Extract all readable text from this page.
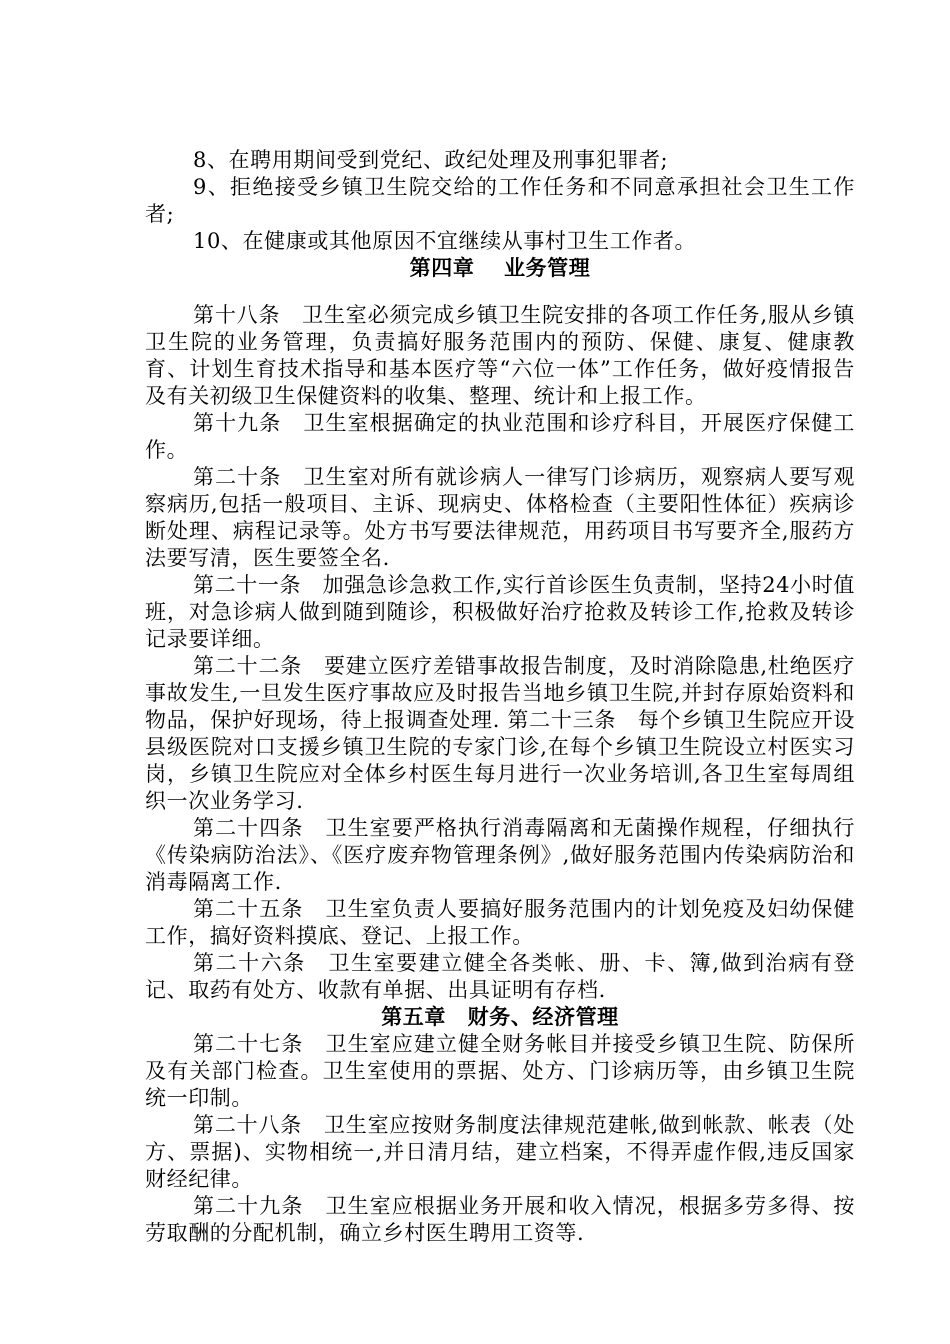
8、在聘用期间受到党纪、政纪处理及刑事犯罪者;

9、拒绝接受乡镇卫生院交给的工作任务和不同意承担社会卫生工作者;

10、在健康或其他原因不宜继续从事村卫生工作者。

第四章　 业务管理

第十八条　卫生室必须完成乡镇卫生院安排的各项工作任务,服从乡镇卫生院的业务管理，负责搞好服务范围内的预防、保健、康复、健康教育、计划生育技术指导和基本医疗等“六位一体”工作任务，做好疫情报告及有关初级卫生保健资料的收集、整理、统计和上报工作。

第十九条　卫生室根据确定的执业范围和诊疗科目，开展医疗保健工作。

第二十条　卫生室对所有就诊病人一律写门诊病历，观察病人要写观察病历,包括一般项目、主诉、现病史、体格检查（主要阳性体征）疾病诊断处理、病程记录等。处方书写要法律规范，用药项目书写要齐全,服药方法要写清，医生要签全名.

第二十一条　加强急诊急救工作,实行首诊医生负责制，坚持24小时值班，对急诊病人做到随到随诊，积极做好治疗抢救及转诊工作,抢救及转诊记录要详细。

第二十二条　要建立医疗差错事故报告制度，及时消除隐患,杜绝医疗事故发生,一旦发生医疗事故应及时报告当地乡镇卫生院,并封存原始资料和物品，保护好现场，待上报调查处理. 第二十三条　每个乡镇卫生院应开设县级医院对口支援乡镇卫生院的专家门诊,在每个乡镇卫生院设立村医实习岗，乡镇卫生院应对全体乡村医生每月进行一次业务培训,各卫生室每周组织一次业务学习.

第二十四条　卫生室要严格执行消毒隔离和无菌操作规程，仔细执行《传染病防治法》、《医疗废弃物管理条例》,做好服务范围内传染病防治和消毒隔离工作.

第二十五条　卫生室负责人要搞好服务范围内的计划免疫及妇幼保健工作，搞好资料摸底、登记、上报工作。

第二十六条　卫生室要建立健全各类帐、册、卡、簿,做到治病有登记、取药有处方、收款有单据、出具证明有存档.

第五章　财务、经济管理

第二十七条　卫生室应建立健全财务帐目并接受乡镇卫生院、防保所及有关部门检查。卫生室使用的票据、处方、门诊病历等，由乡镇卫生院统一印制。

第二十八条　卫生室应按财务制度法律规范建帐,做到帐款、帐表（处方、票据)、实物相统一,并日清月结，建立档案，不得弄虚作假,违反国家财经纪律。

第二十九条　卫生室应根据业务开展和收入情况，根据多劳多得、按劳取酬的分配机制，确立乡村医生聘用工资等.
